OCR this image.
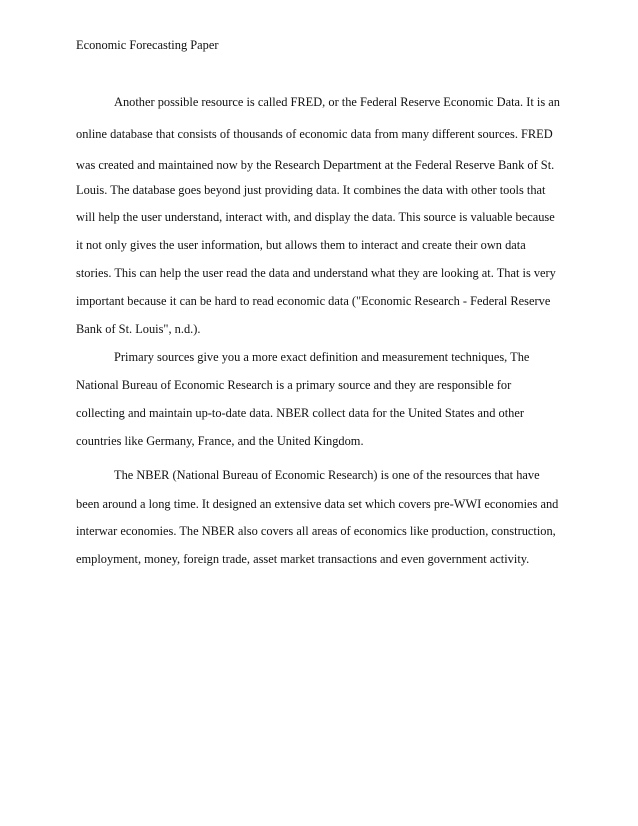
Economic Forecasting Paper
Another possible resource is called FRED, or the Federal Reserve Economic Data. It is an
online database that consists of thousands of economic data from many different sources. FRED
was created and maintained now by the Research Department at the Federal Reserve Bank of St.
Louis. The database goes beyond just providing data. It combines the data with other tools that
will help the user understand, interact with, and display the data. This source is valuable because
it not only gives the user information, but allows them to interact and create their own data
stories. This can help the user read the data and understand what they are looking at. That is very
important because it can be hard to read economic data ("Economic Research - Federal Reserve
Bank of St. Louis", n.d.).
Primary sources give you a more exact definition and measurement techniques, The
National Bureau of Economic Research is a primary source and they are responsible for
collecting and maintain up-to-date data. NBER collect data for the United States and other
countries like Germany, France, and the United Kingdom.
The NBER (National Bureau of Economic Research) is one of the resources that have
been around a long time. It designed an extensive data set which covers pre-WWI economies and
interwar economies. The NBER also covers all areas of economics like production, construction,
employment, money, foreign trade, asset market transactions and even government activity.
